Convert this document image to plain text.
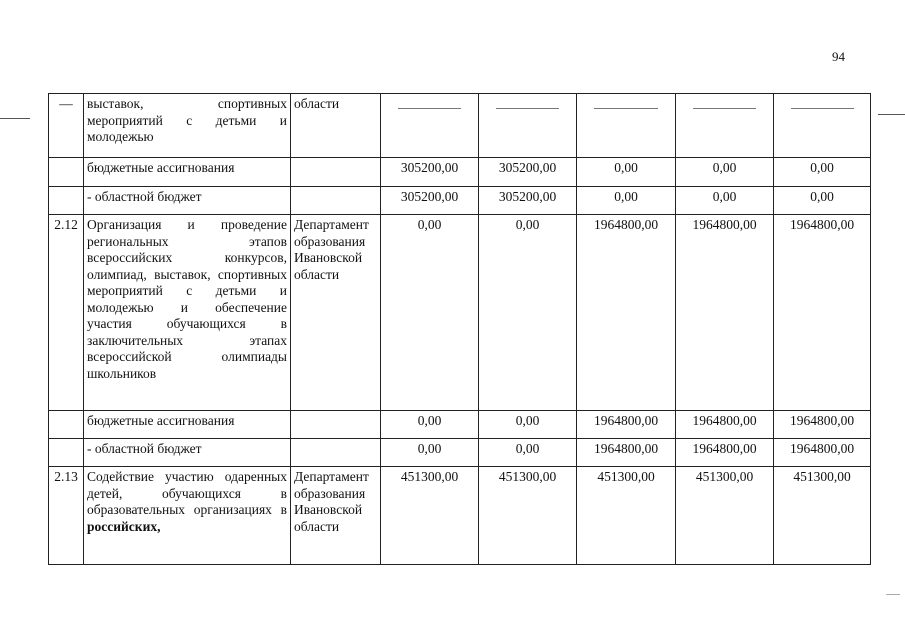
94
—	выставок, спортивных мероприятий с детьми и молодежью	области	

	бюджетные ассигнования		305200,00	305200,00	0,00	0,00	0,00
	- областной бюджет		305200,00	305200,00	0,00	0,00	0,00
2.12	Организация и проведение региональных этапов всероссийских конкурсов, олимпиад, выставок, спортивных мероприятий с детьми и молодежью и обеспечение участия обучающихся в заключительных этапах всероссийской олимпиады школьников	Департамент образования Ивановской области	0,00	0,00	1964800,00	1964800,00	1964800,00
	бюджетные ассигнования		0,00	0,00	1964800,00	1964800,00	1964800,00
	- областной бюджет		0,00	0,00	1964800,00	1964800,00	1964800,00
2.13	Содействие участию одаренных детей, обучающихся в образовательных организациях в российских,	Департамент образования Ивановской области	451300,00	451300,00	451300,00	451300,00	451300,00
